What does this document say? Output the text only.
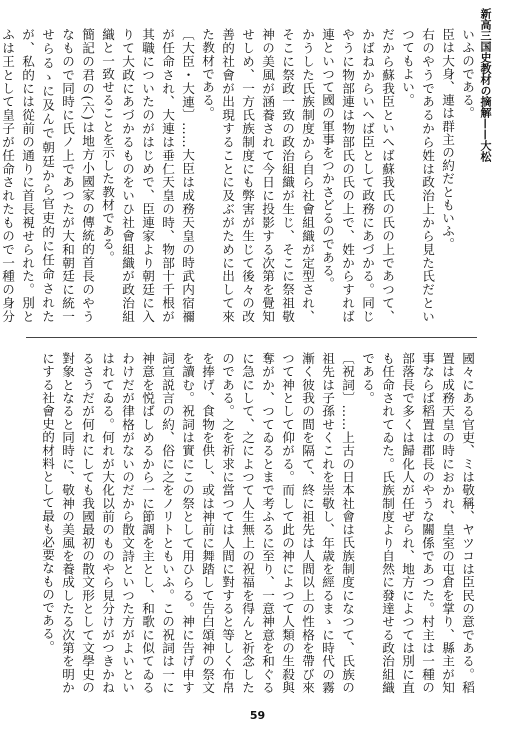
新高三国史教材の摘解——大松

いふのである。

臣は大身、連は群主の約だともいふ。

右のやうであるから姓は政治上から見た氏だといつてもよい。

だから蘇我臣といへば蘇我氏の氏の上であつて、かばねからいへば臣として政務にあづかる。同じやうに物部連は物部氏の氏の上で、姓からすれば連といつて國の軍事をつかさどるのである。

かうした氏族制度から自ら社會組織が定型され、そこに祭政一致の政治組織が生じ、そこに祭祖敬神の美風が涵養されて今日に投影する次第を覺知せしめ、一方氏族制度にも弊害が生じて後々の改善的社會が出現することに及ぶがために出して來た教材である。

〔大臣・大連〕……大臣は成務天皇の時武内宿禰が任命され、大連は垂仁天皇の時、物部十千根が其職についたのがはじめで、臣連家より朝廷に入りて大政にあづかるものをいひ社會組織が政治組織と一致せることを示した教材である。

簡記の君の(六)は地方小國家の傳統的首長のやうなもので同時に氏ノ上であつたが大和朝廷に統一せらるゝに及んで朝廷から官吏的に任命されたが、私的には從前の通りに首長視せられた。別とふは王として皇子が任命されたもので一種の身分

國々にある官吏、ミは敬稱、ヤツコは臣民の意である。稻置は成務天皇の時におかれ、皇室の屯倉を掌り、縣主が知事ならば稻置は郡長のやうな關係であつた。村主は一種の部落長で多くは歸化人が任ぜられ、地方によつては別に直も任命されてゐた。氏族制度より自然に發達せる政治組織である。

〔祝詞〕……上古の日本社會は氏族制度になつて、氏族の祖先は子孫せくこれを崇敬し、年歳を經るまゝに時代の霧漸く彼我の間を隔て、終に祖先は人間以上の性格を帶び來つて神として仰がる。而して此の神によつて人類の生殺與奪がか、つてゐるとまで考ふるに至り、一意神意を和ぐるに急にして、之によつて人生無上の祝福を得んと祈念したのである。之を祈求に當つては人間に對すると等しく布帛を捧げ、食物を供し、或は神前に舞踏して告白頌神の祭文を讀む。祝詞は實にこの祭として用ひらる。神に告げ申す詞宣説言の約、俗に之をノリトともいふ。この祝詞は一に神意を悦ばしめるから一に節調を主とし、和歌に似てゐるわけだが律格がないのだから散文詩といつた方がよいといはれてゐる。何れが大化以前のものやら見分けがつきかねるさうだが何れにしても我國最初の散文形として文學史の對象となると同時に、敬神の美風を養成したる次第を明かにする社會史的材料として最も必要なものである。

59
